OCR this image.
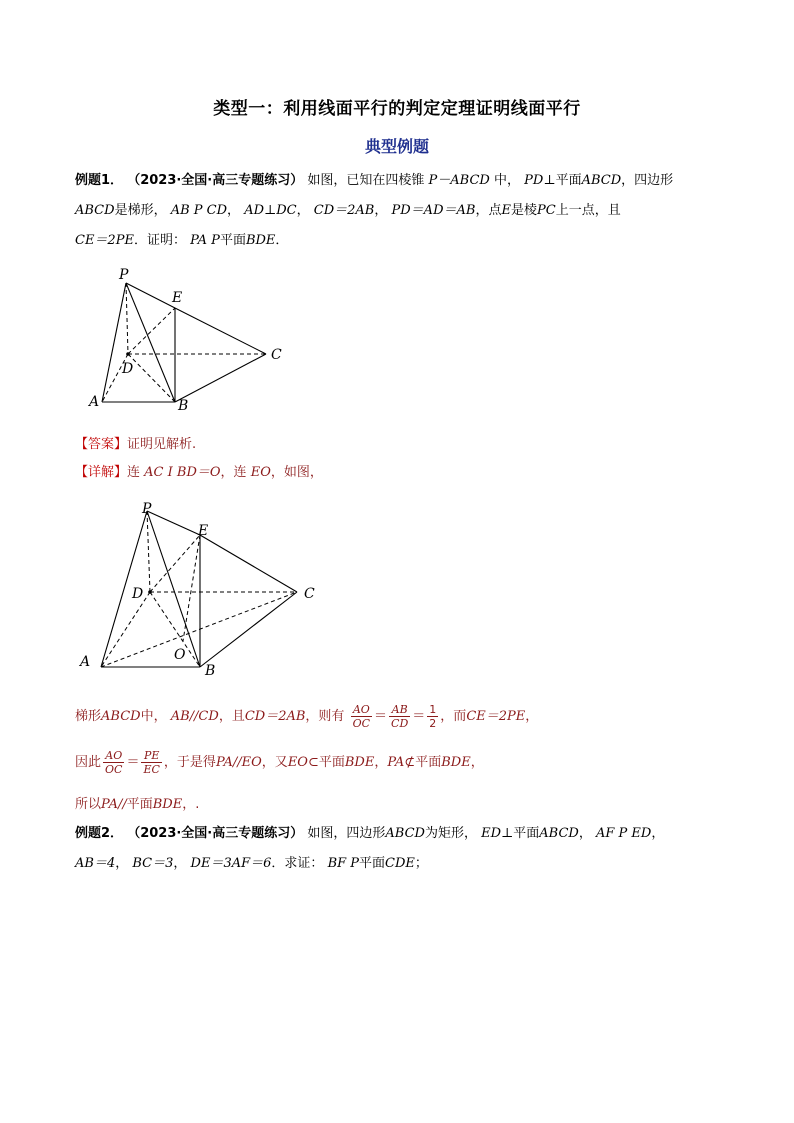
类型一：利用线面平行的判定定理证明线面平行
典型例题
例题1． （2023·全国·高三专题练习） 如图，已知在四棱锥 P－ABCD 中， PD⊥平面ABCD，四边形
ABCD是梯形， AB P CD， AD⊥DC， CD＝2AB， PD＝AD＝AB，点E是棱PC上一点，且
CE＝2PE．证明： PA P平面BDE．
P
E
C
D
A	B
【答案】证明见解析.
【详解】连 AC I BD＝O，连 EO，如图，
P
E
C
D
A
B
O
梯形ABCD中， AB//CD，且CD＝2AB，则有 $\frac{AO}{OC} = \frac{AB}{CD} = \frac{1}{2}$ ，而CE＝2PE，
因此 $\frac{AO}{OC} = \frac{PE}{EC}$ ，于是得PA//EO，又EO⊂平面BDE，PA⊄平面BDE，
所以PA//平面BDE，.
例题2． （2023·全国·高三专题练习） 如图，四边形ABCD为矩形， ED⊥平面ABCD， AF P ED，
AB＝4， BC＝3， DE＝3AF＝6．求证： BF P平面CDE；
